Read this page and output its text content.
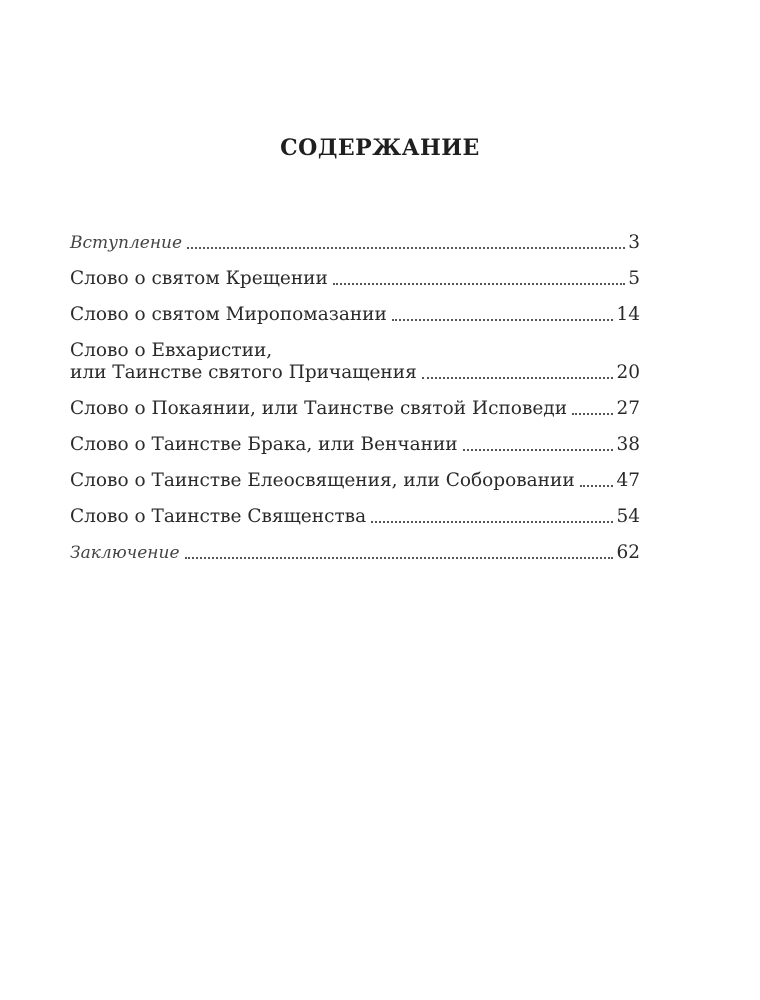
СОДЕРЖАНИЕ
Вступление	3
Слово о святом Крещении	5
Слово о святом Миропомазании	14
Слово о Евхаристии,
или Таинстве святого Причащения	20
Слово о Покаянии, или Таинстве святой Исповеди	27
Слово о Таинстве Брака, или Венчании	38
Слово о Таинстве Елеосвящения, или Соборовании 47
Слово о Таинстве Священства	54
Заключение	62
